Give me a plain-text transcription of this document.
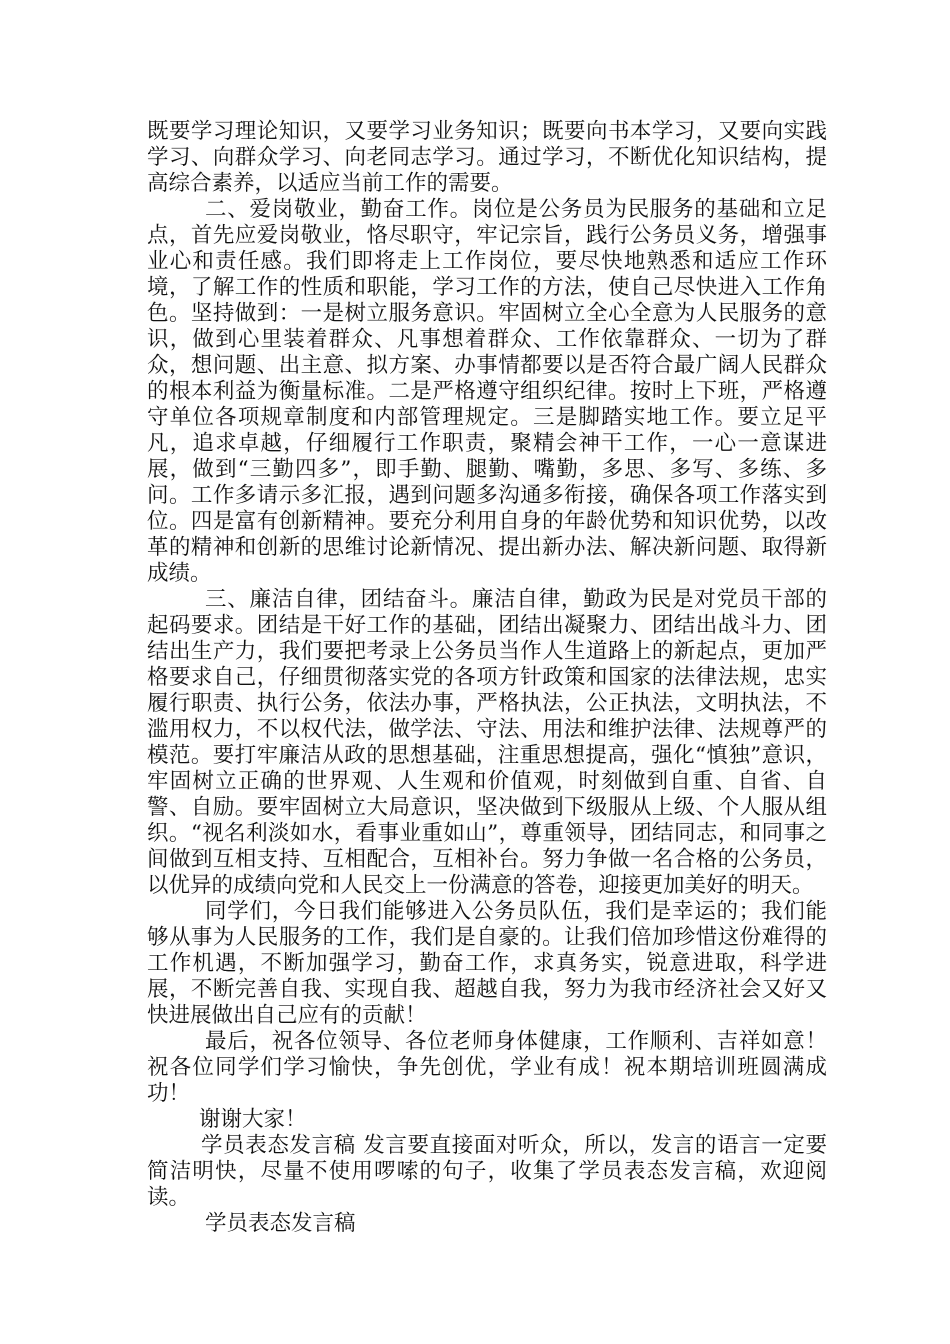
既要学习理论知识，又要学习业务知识；既要向书本学习，又要向实践学习、向群众学习、向老同志学习。通过学习，不断优化知识结构，提高综合素养，以适应当前工作的需要。

二、爱岗敬业，勤奋工作。岗位是公务员为民服务的基础和立足点，首先应爱岗敬业，恪尽职守，牢记宗旨，践行公务员义务，增强事业心和责任感。我们即将走上工作岗位，要尽快地熟悉和适应工作环境，了解工作的性质和职能，学习工作的方法，使自己尽快进入工作角色。坚持做到：一是树立服务意识。牢固树立全心全意为人民服务的意识，做到心里装着群众、凡事想着群众、工作依靠群众、一切为了群众，想问题、出主意、拟方案、办事情都要以是否符合最广阔人民群众的根本利益为衡量标准。二是严格遵守组织纪律。按时上下班，严格遵守单位各项规章制度和内部管理规定。三是脚踏实地工作。要立足平凡，追求卓越，仔细履行工作职责，聚精会神干工作，一心一意谋进展，做到“三勤四多”，即手勤、腿勤、嘴勤，多思、多写、多练、多问。工作多请示多汇报，遇到问题多沟通多衔接，确保各项工作落实到位。四是富有创新精神。要充分利用自身的年龄优势和知识优势，以改革的精神和创新的思维讨论新情况、提出新办法、解决新问题、取得新成绩。

三、廉洁自律，团结奋斗。廉洁自律，勤政为民是对党员干部的起码要求。团结是干好工作的基础，团结出凝聚力、团结出战斗力、团结出生产力，我们要把考录上公务员当作人生道路上的新起点，更加严格要求自己，仔细贯彻落实党的各项方针政策和国家的法律法规，忠实履行职责、执行公务，依法办事，严格执法，公正执法，文明执法，不滥用权力，不以权代法，做学法、守法、用法和维护法律、法规尊严的模范。要打牢廉洁从政的思想基础，注重思想提高，强化“慎独”意识，牢固树立正确的世界观、人生观和价值观，时刻做到自重、自省、自警、自励。要牢固树立大局意识，坚决做到下级服从上级、个人服从组织。“视名利淡如水，看事业重如山”，尊重领导，团结同志，和同事之间做到互相支持、互相配合，互相补台。努力争做一名合格的公务员，以优异的成绩向党和人民交上一份满意的答卷，迎接更加美好的明天。

同学们，今日我们能够进入公务员队伍，我们是幸运的；我们能够从事为人民服务的工作，我们是自豪的。让我们倍加珍惜这份难得的工作机遇，不断加强学习，勤奋工作，求真务实，锐意进取，科学进展，不断完善自我、实现自我、超越自我，努力为我市经济社会又好又快进展做出自己应有的贡献！

最后，祝各位领导、各位老师身体健康，工作顺利、吉祥如意！祝各位同学们学习愉快，争先创优，学业有成！祝本期培训班圆满成功！

谢谢大家！

学员表态发言稿 发言要直接面对听众，所以，发言的语言一定要简洁明快，尽量不使用啰嗦的句子，收集了学员表态发言稿，欢迎阅读。

学员表态发言稿
